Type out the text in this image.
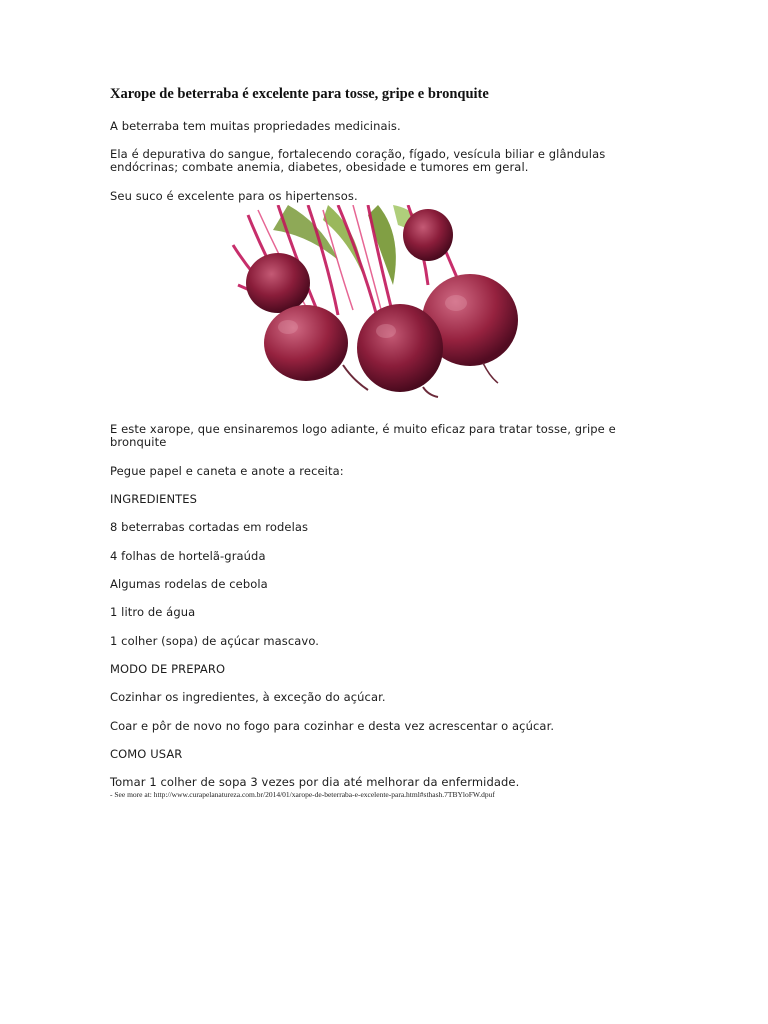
Xarope de beterraba é excelente para tosse, gripe e bronquite

A beterraba tem muitas propriedades medicinais.

Ela é depurativa do sangue, fortalecendo coração, fígado, vesícula biliar e glândulas endócrinas; combate anemia, diabetes, obesidade e tumores em geral.

Seu suco é excelente para os hipertensos.

E este xarope, que ensinaremos logo adiante, é muito eficaz para tratar tosse, gripe e bronquite

Pegue papel e caneta e anote a receita:

INGREDIENTES

8 beterrabas cortadas em rodelas

4 folhas de hortelã-graúda

Algumas rodelas de cebola

1 litro de água

1 colher (sopa) de açúcar mascavo.

MODO DE PREPARO

Cozinhar os ingredientes, à exceção do açúcar.

Coar e pôr de novo no fogo para cozinhar e desta vez acrescentar o açúcar.

COMO USAR

Tomar 1 colher de sopa 3 vezes por dia até melhorar da enfermidade.

- See more at: http://www.curapelanatureza.com.br/2014/01/xarope-de-beterraba-e-excelente-para.html#sthash.7TBYloFW.dpuf
